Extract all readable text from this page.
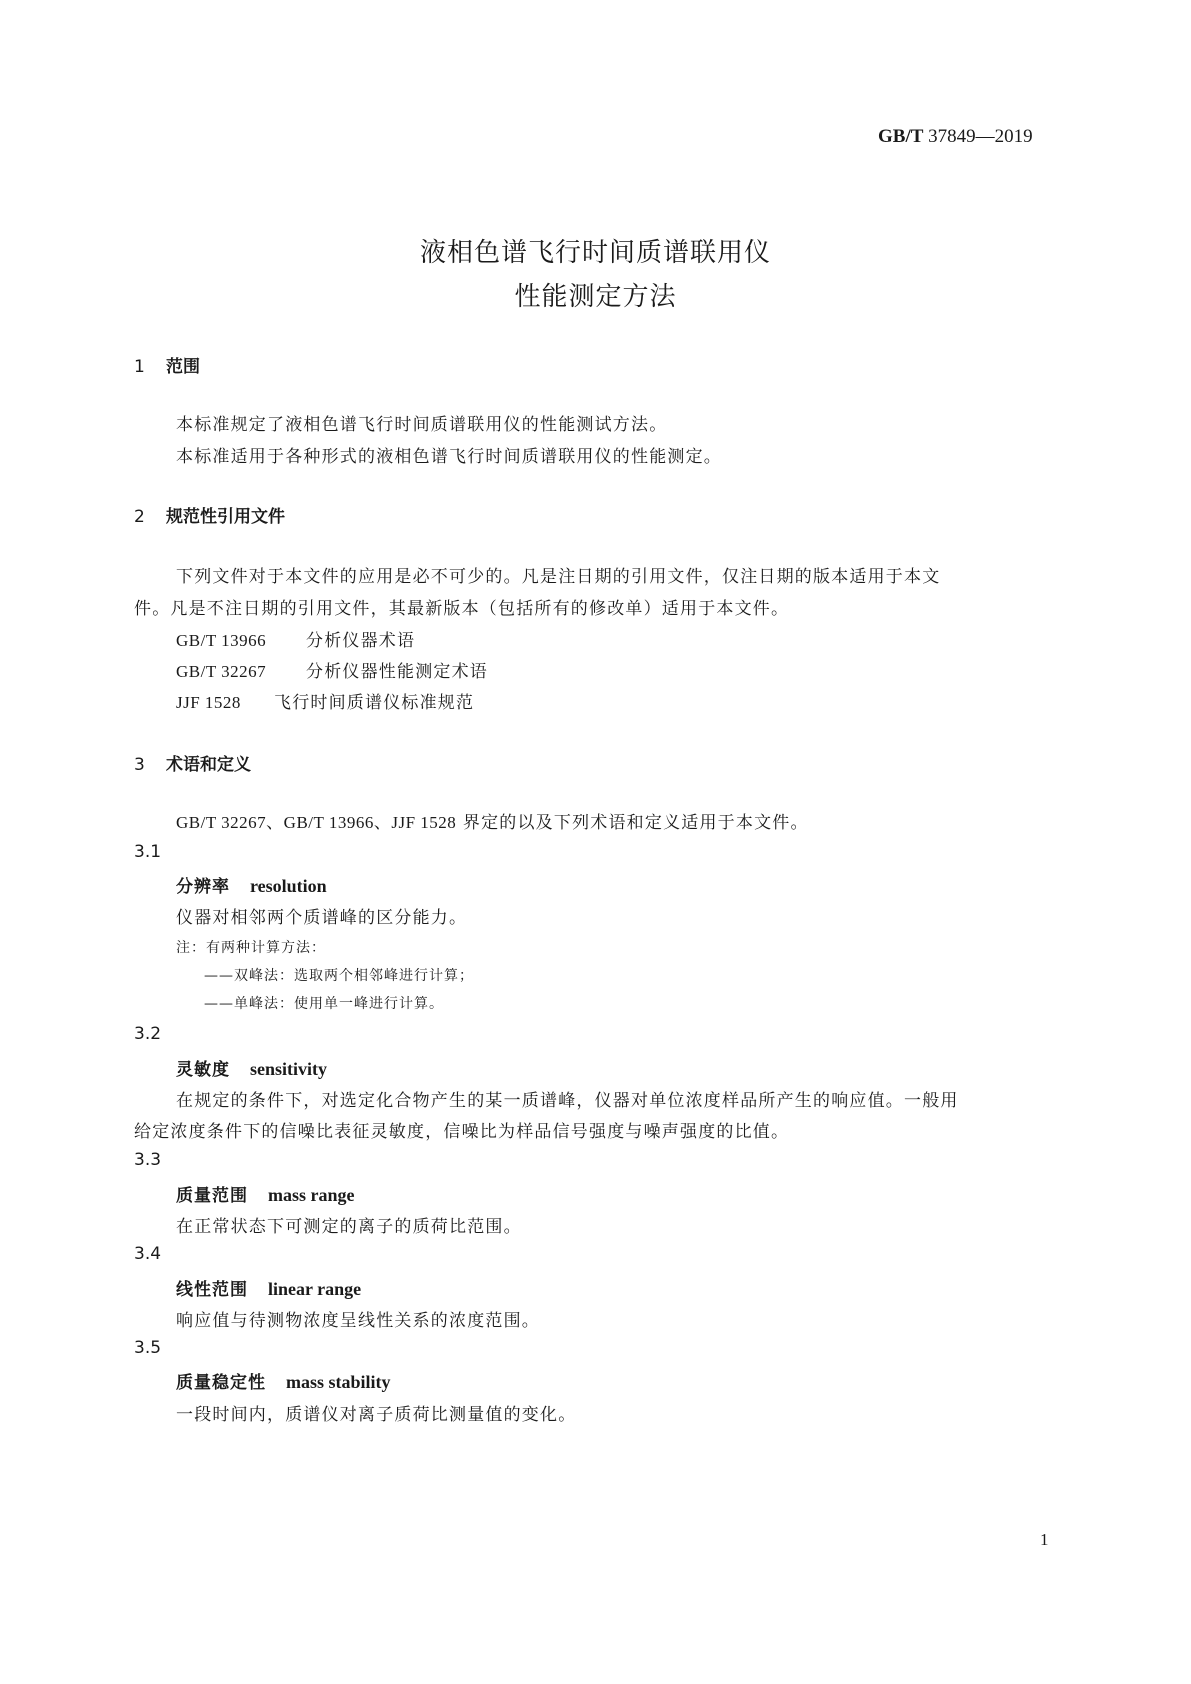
GB/T 37849—2019
液相色谱飞行时间质谱联用仪
性能测定方法
1 范围
本标准规定了液相色谱飞行时间质谱联用仪的性能测试方法。
本标准适用于各种形式的液相色谱飞行时间质谱联用仪的性能测定。
2 规范性引用文件
下列文件对于本文件的应用是必不可少的。凡是注日期的引用文件，仅注日期的版本适用于本文
件。凡是不注日期的引用文件，其最新版本（包括所有的修改单）适用于本文件。
GB/T 13966 分析仪器术语
GB/T 32267 分析仪器性能测定术语
JJF 1528 飞行时间质谱仪标准规范
3 术语和定义
GB/T 32267、GB/T 13966、JJF 1528 界定的以及下列术语和定义适用于本文件。
3.1
分辨率 resolution
仪器对相邻两个质谱峰的区分能力。
注：有两种计算方法：
——双峰法：选取两个相邻峰进行计算；
——单峰法：使用单一峰进行计算。
3.2
灵敏度 sensitivity
在规定的条件下，对选定化合物产生的某一质谱峰，仪器对单位浓度样品所产生的响应值。一般用
给定浓度条件下的信噪比表征灵敏度，信噪比为样品信号强度与噪声强度的比值。
3.3
质量范围 mass range
在正常状态下可测定的离子的质荷比范围。
3.4
线性范围 linear range
响应值与待测物浓度呈线性关系的浓度范围。
3.5
质量稳定性 mass stability
一段时间内，质谱仪对离子质荷比测量值的变化。
1
